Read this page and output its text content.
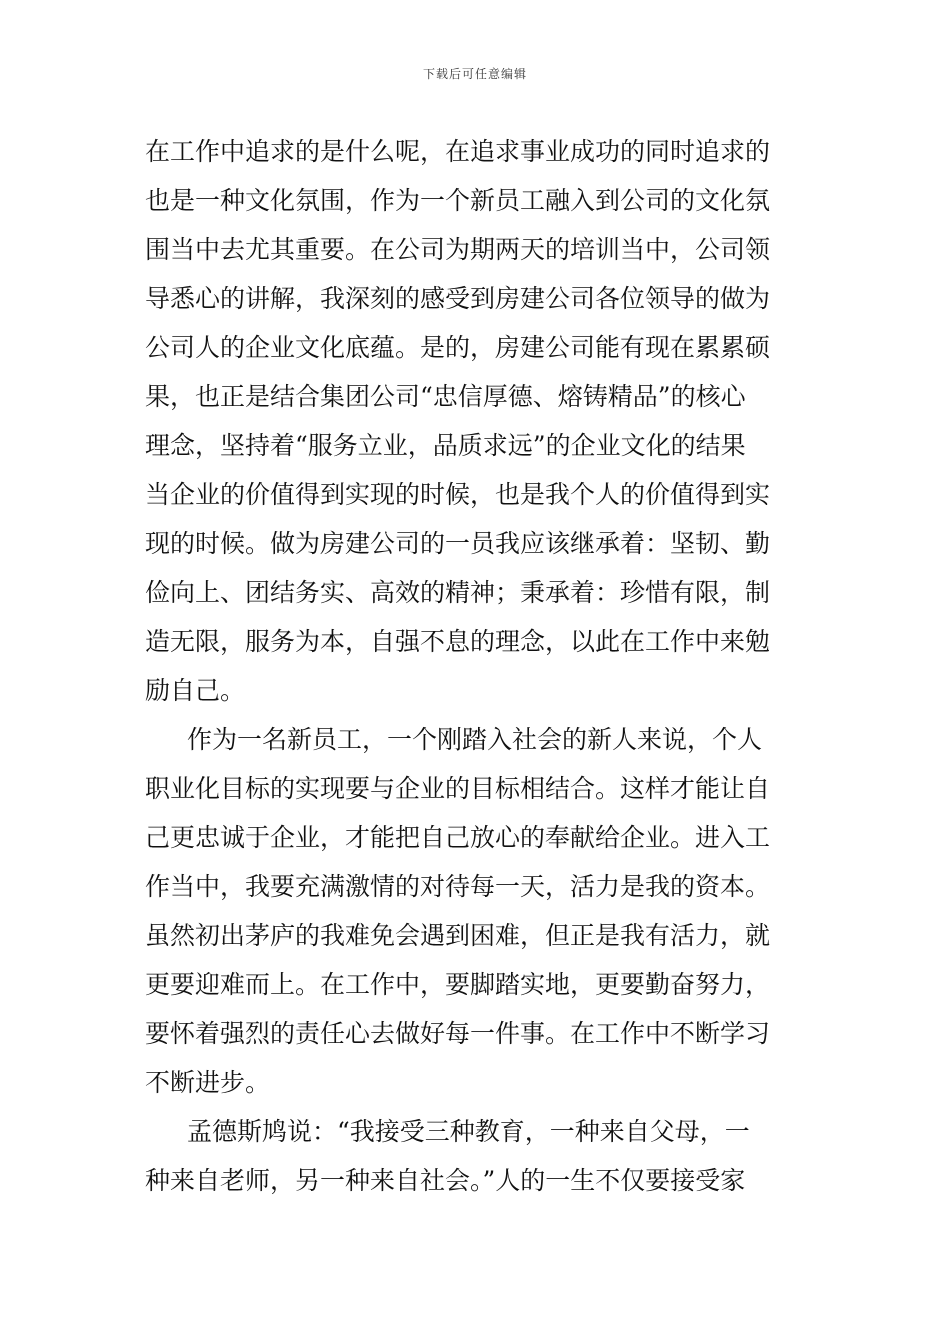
下载后可任意编辑
在工作中追求的是什么呢，在追求事业成功的同时追求的
也是一种文化氛围，作为一个新员工融入到公司的文化氛
围当中去尤其重要。在公司为期两天的培训当中，公司领
导悉心的讲解，我深刻的感受到房建公司各位领导的做为
公司人的企业文化底蕴。是的，房建公司能有现在累累硕
果，也正是结合集团公司“忠信厚德、熔铸精品”的核心
理念，坚持着“服务立业，品质求远”的企业文化的结果
当企业的价值得到实现的时候，也是我个人的价值得到实
现的时候。做为房建公司的一员我应该继承着：坚韧、勤
俭向上、团结务实、高效的精神；秉承着：珍惜有限，制
造无限，服务为本，自强不息的理念，以此在工作中来勉
励自己。
作为一名新员工，一个刚踏入社会的新人来说，个人
职业化目标的实现要与企业的目标相结合。这样才能让自
己更忠诚于企业，才能把自己放心的奉献给企业。进入工
作当中，我要充满激情的对待每一天，活力是我的资本。
虽然初出茅庐的我难免会遇到困难，但正是我有活力，就
更要迎难而上。在工作中，要脚踏实地，更要勤奋努力，
要怀着强烈的责任心去做好每一件事。在工作中不断学习
不断进步。
孟德斯鸠说：“我接受三种教育，一种来自父母，一
种来自老师，另一种来自社会。”人的一生不仅要接受家
